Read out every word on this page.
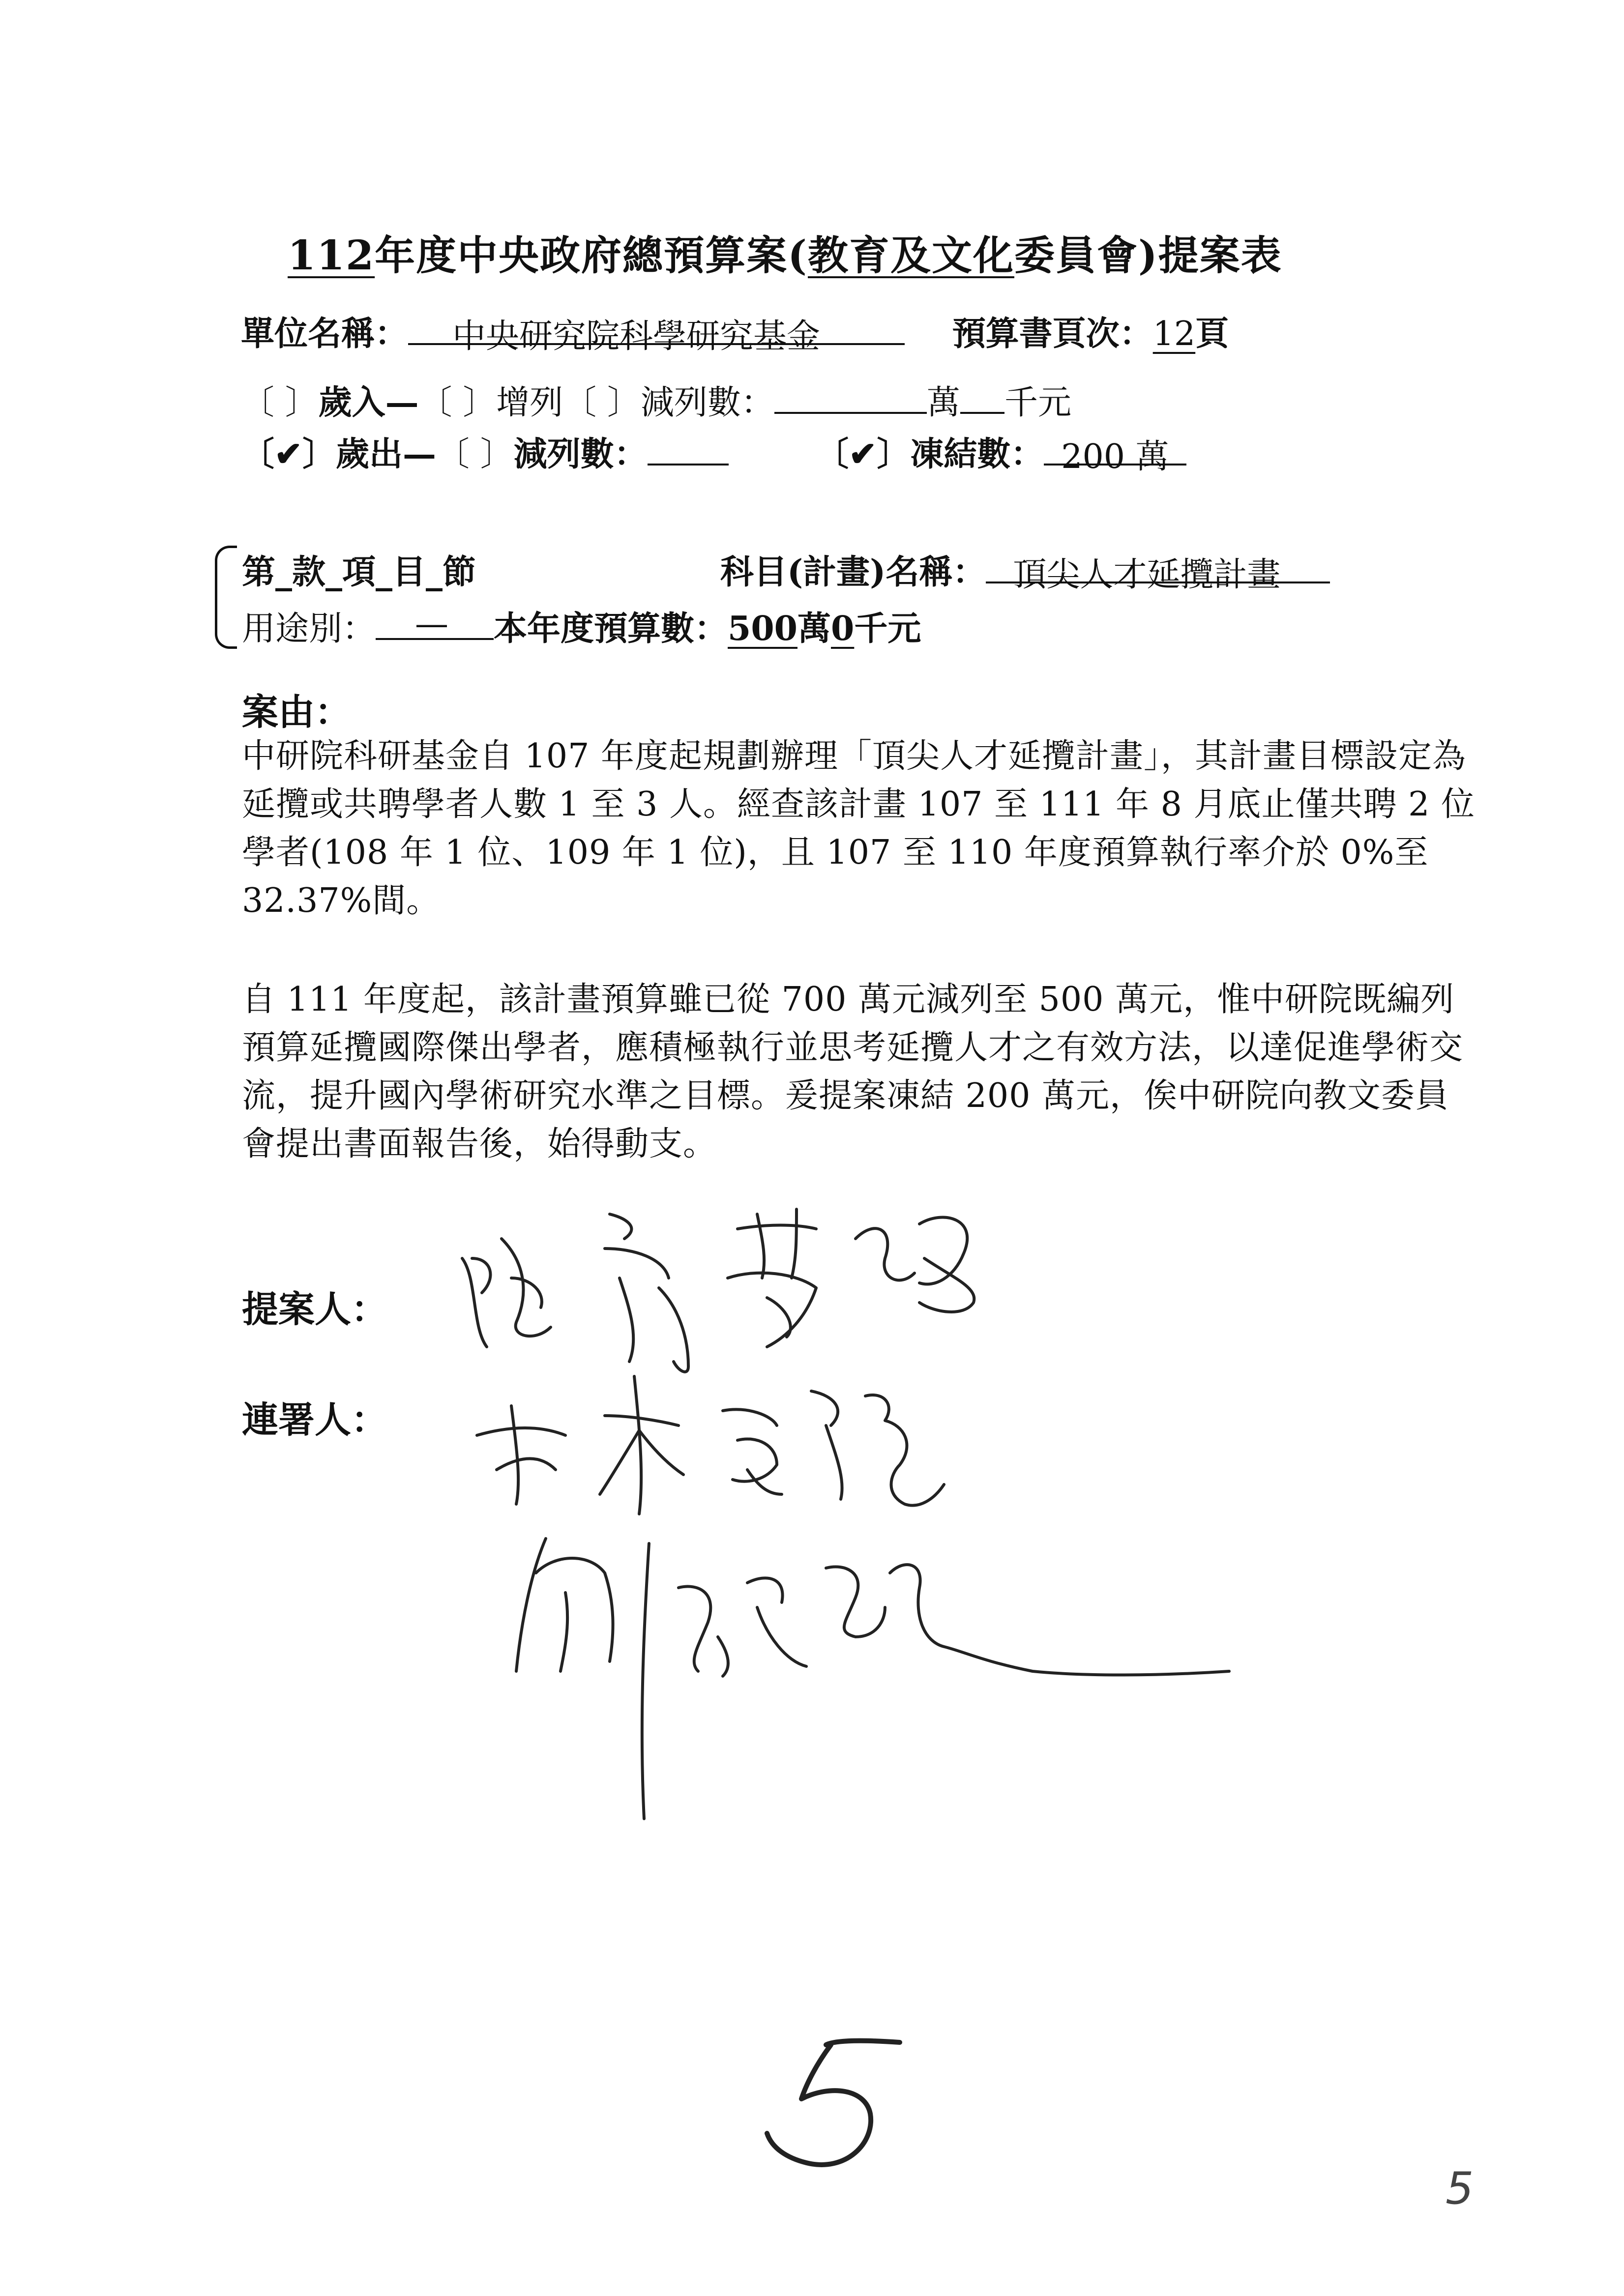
112年度中央政府總預算案(教育及文化委員會)提案表
單位名稱： 中央研究院科學研究基金	預算書頁次：12頁
〔 〕歲入—〔 〕增列〔 〕減列數：	萬 千元
〔✔〕歲出—〔 〕減列數：	〔✔〕凍結數： 200 萬
第_款_項_目_節	科目(計畫)名稱： 頂尖人才延攬計畫
用途別： — 本年度預算數：500萬0千元
案由：
中研院科研基金自 107 年度起規劃辦理「頂尖人才延攬計畫」，其計畫目標設定為延攬或共聘學者人數 1 至 3 人。經查該計畫 107 至 111 年 8 月底止僅共聘 2 位學者(108 年 1 位、109 年 1 位)，且 107 至 110 年度預算執行率介於 0%至 32.37%間。
自 111 年度起，該計畫預算雖已從 700 萬元減列至 500 萬元，惟中研院既編列預算延攬國際傑出學者，應積極執行並思考延攬人才之有效方法，以達促進學術交流，提升國內學術研究水準之目標。爰提案凍結 200 萬元，俟中研院向教文委員會提出書面報告後，始得動支。
提案人：
連署人：
5
